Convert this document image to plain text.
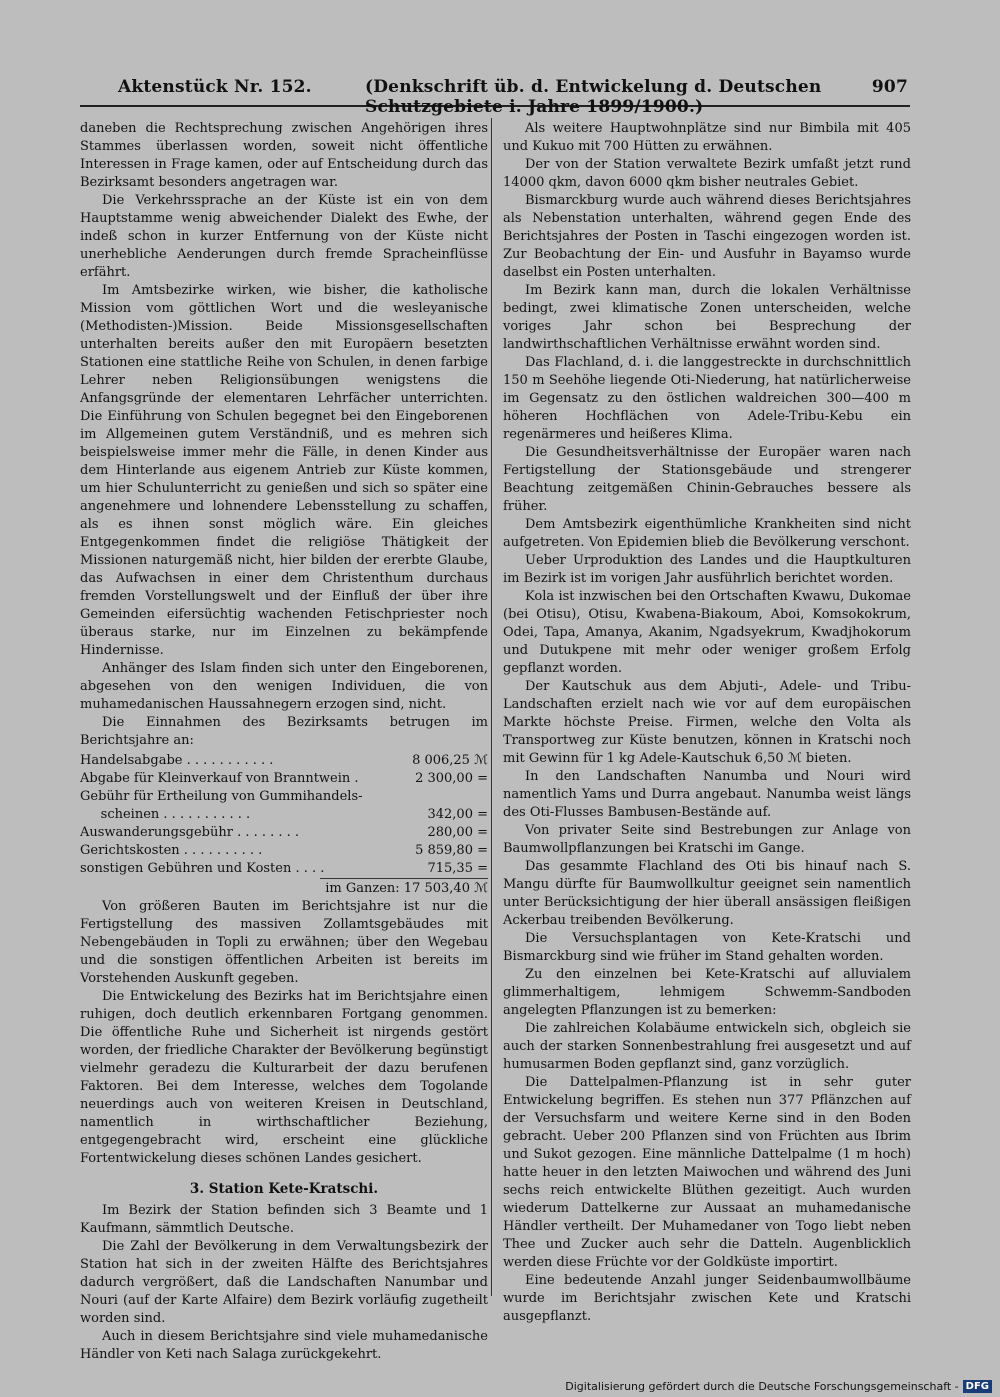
Aktenstück Nr. 152.	(Denkschrift üb. d. Entwickelung d. Deutschen Schutzgebiete i. Jahre 1899/1900.)
907

daneben die Rechtsprechung zwischen Angehörigen ihres Stammes überlassen worden, soweit nicht öffentliche Interessen in Frage kamen, oder auf Entscheidung durch das Bezirksamt besonders angetragen war.

Die Verkehrssprache an der Küste ist ein von dem Hauptstamme wenig abweichender Dialekt des Ewhe, der indeß schon in kurzer Entfernung von der Küste nicht unerhebliche Aenderungen durch fremde Spracheinflüsse erfährt.

Im Amtsbezirke wirken, wie bisher, die katholische Mission vom göttlichen Wort und die wesleyanische (Methodisten-)Mission. Beide Missionsgesellschaften unterhalten bereits außer den mit Europäern besetzten Stationen eine stattliche Reihe von Schulen, in denen farbige Lehrer neben Religionsübungen wenigstens die Anfangsgründe der elementaren Lehrfächer unterrichten. Die Einführung von Schulen begegnet bei den Eingeborenen im Allgemeinen gutem Verständniß, und es mehren sich beispielsweise immer mehr die Fälle, in denen Kinder aus dem Hinterlande aus eigenem Antrieb zur Küste kommen, um hier Schulunterricht zu genießen und sich so später eine angenehmere und lohnendere Lebensstellung zu schaffen, als es ihnen sonst möglich wäre. Ein gleiches Entgegenkommen findet die religiöse Thätigkeit der Missionen naturgemäß nicht, hier bilden der ererbte Glaube, das Aufwachsen in einer dem Christenthum durchaus fremden Vorstellungswelt und der Einfluß der über ihre Gemeinden eifersüchtig wachenden Fetischpriester noch überaus starke, nur im Einzelnen zu bekämpfende Hindernisse.

Anhänger des Islam finden sich unter den Eingeborenen, abgesehen von den wenigen Individuen, die von muhamedanischen Haussahnegern erzogen sind, nicht.

Die Einnahmen des Bezirksamts betrugen im Berichtsjahre an:

Handelsabgabe . . . . . . . . . . .	8 006,25 ℳ
Abgabe für Kleinverkauf von Branntwein .	2 300,00 =
Gebühr für Ertheilung von Gummihandels-
scheinen . . . . . . . . . . .	342,00 =
Auswanderungsgebühr . . . . . . . .	280,00 =
Gerichtskosten . . . . . . . . . .	5 859,80 =
sonstigen Gebühren und Kosten . . . .	715,35 =
im Ganzen: 17 503,40 ℳ

Von größeren Bauten im Berichtsjahre ist nur die Fertigstellung des massiven Zollamtsgebäudes mit Nebengebäuden in Topli zu erwähnen; über den Wegebau und die sonstigen öffentlichen Arbeiten ist bereits im Vorstehenden Auskunft gegeben.

Die Entwickelung des Bezirks hat im Berichtsjahre einen ruhigen, doch deutlich erkennbaren Fortgang genommen. Die öffentliche Ruhe und Sicherheit ist nirgends gestört worden, der friedliche Charakter der Bevölkerung begünstigt vielmehr geradezu die Kulturarbeit der dazu berufenen Faktoren. Bei dem Interesse, welches dem Togolande neuerdings auch von weiteren Kreisen in Deutschland, namentlich in wirthschaftlicher Beziehung, entgegengebracht wird, erscheint eine glückliche Fortentwickelung dieses schönen Landes gesichert.

3. Station Kete-Kratschi.

Im Bezirk der Station befinden sich 3 Beamte und 1 Kaufmann, sämmtlich Deutsche.

Die Zahl der Bevölkerung in dem Verwaltungsbezirk der Station hat sich in der zweiten Hälfte des Berichtsjahres dadurch vergrößert, daß die Landschaften Nanumbar und Nouri (auf der Karte Alfaire) dem Bezirk vorläufig zugetheilt worden sind.

Auch in diesem Berichtsjahre sind viele muhamedanische Händler von Keti nach Salaga zurückgekehrt.

Als weitere Hauptwohnplätze sind nur Bimbila mit 405 und Kukuo mit 700 Hütten zu erwähnen.

Der von der Station verwaltete Bezirk umfaßt jetzt rund 14000 qkm, davon 6000 qkm bisher neutrales Gebiet.

Bismarckburg wurde auch während dieses Berichtsjahres als Nebenstation unterhalten, während gegen Ende des Berichtsjahres der Posten in Taschi eingezogen worden ist. Zur Beobachtung der Ein- und Ausfuhr in Bayamso wurde daselbst ein Posten unterhalten.

Im Bezirk kann man, durch die lokalen Verhältnisse bedingt, zwei klimatische Zonen unterscheiden, welche voriges Jahr schon bei Besprechung der landwirthschaftlichen Verhältnisse erwähnt worden sind.

Das Flachland, d. i. die langgestreckte in durchschnittlich 150 m Seehöhe liegende Oti-Niederung, hat natürlicherweise im Gegensatz zu den östlichen waldreichen 300—400 m höheren Hochflächen von Adele-Tribu-Kebu ein regenärmeres und heißeres Klima.

Die Gesundheitsverhältnisse der Europäer waren nach Fertigstellung der Stationsgebäude und strengerer Beachtung zeitgemäßen Chinin-Gebrauches bessere als früher.

Dem Amtsbezirk eigenthümliche Krankheiten sind nicht aufgetreten. Von Epidemien blieb die Bevölkerung verschont.

Ueber Urproduktion des Landes und die Hauptkulturen im Bezirk ist im vorigen Jahr ausführlich berichtet worden.

Kola ist inzwischen bei den Ortschaften Kwawu, Dukomae (bei Otisu), Otisu, Kwabena-Biakoum, Aboi, Komsokokrum, Odei, Tapa, Amanya, Akanim, Ngadsyekrum, Kwadjhokorum und Dutukpene mit mehr oder weniger großem Erfolg gepflanzt worden.

Der Kautschuk aus dem Abjuti-, Adele- und Tribu-Landschaften erzielt nach wie vor auf dem europäischen Markte höchste Preise. Firmen, welche den Volta als Transportweg zur Küste benutzen, können in Kratschi noch mit Gewinn für 1 kg Adele-Kautschuk 6,50 ℳ bieten.

In den Landschaften Nanumba und Nouri wird namentlich Yams und Durra angebaut. Nanumba weist längs des Oti-Flusses Bambusen-Bestände auf.

Von privater Seite sind Bestrebungen zur Anlage von Baumwollpflanzungen bei Kratschi im Gange.

Das gesammte Flachland des Oti bis hinauf nach S. Mangu dürfte für Baumwollkultur geeignet sein namentlich unter Berücksichtigung der hier überall ansässigen fleißigen Ackerbau treibenden Bevölkerung.

Die Versuchsplantagen von Kete-Kratschi und Bismarckburg sind wie früher im Stand gehalten worden.

Zu den einzelnen bei Kete-Kratschi auf alluvialem glimmerhaltigem, lehmigem Schwemm-Sandboden angelegten Pflanzungen ist zu bemerken:

Die zahlreichen Kolabäume entwickeln sich, obgleich sie auch der starken Sonnenbestrahlung frei ausgesetzt und auf humusarmen Boden gepflanzt sind, ganz vorzüglich.

Die Dattelpalmen-Pflanzung ist in sehr guter Entwickelung begriffen. Es stehen nun 377 Pflänzchen auf der Versuchsfarm und weitere Kerne sind in den Boden gebracht. Ueber 200 Pflanzen sind von Früchten aus Ibrim und Sukot gezogen. Eine männliche Dattelpalme (1 m hoch) hatte heuer in den letzten Maiwochen und während des Juni sechs reich entwickelte Blüthen gezeitigt. Auch wurden wiederum Dattelkerne zur Aussaat an muhamedanische Händler vertheilt. Der Muhamedaner von Togo liebt neben Thee und Zucker auch sehr die Datteln. Augenblicklich werden diese Früchte vor der Goldküste importirt.

Eine bedeutende Anzahl junger Seidenbaumwollbäume wurde im Berichtsjahr zwischen Kete und Kratschi ausgepflanzt.

Digitalisierung gefördert durch die Deutsche Forschungsgemeinschaft - DFG
